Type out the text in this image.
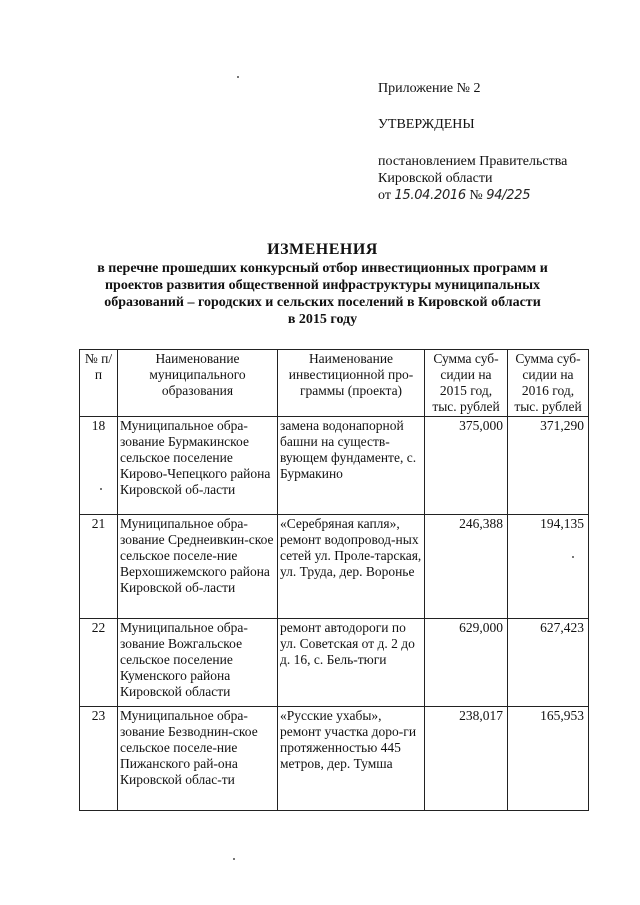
Приложение № 2
УТВЕРЖДЕНЫ
постановлением Правительства
Кировской области
от 15.04.2016 № 94/225
ИЗМЕНЕНИЯ
в перечне прошедших конкурсный отбор инвестиционных программ и
проектов развития общественной инфраструктуры муниципальных
образований – городских и сельских поселений в Кировской области
в 2015 году
№ п/п	Наименование муниципального образования	Наименование инвестиционной про-граммы (проекта)	Сумма суб-сидии на 2015 год, тыс. рублей	Сумма суб-сидии на 2016 год, тыс. рублей
18	Муниципальное обра-зование Бурмакинское сельское поселение Кирово-Чепецкого района Кировской об-ласти	замена водонапорной башни на существ-вующем фундаменте, с. Бурмакино	375,000	371,290
21	Муниципальное обра-зование Среднеивкин-ское сельское поселе-ние Верхошижемского района Кировской об-ласти	«Серебряная капля», ремонт водопровод-ных сетей ул. Проле-тарская, ул. Труда, дер. Воронье	246,388	194,135
22	Муниципальное обра-зование Вожгальское сельское поселение Куменского района Кировской области	ремонт автодороги по ул. Советская от д. 2 до д. 16, с. Бель-тюги	629,000	627,423
23	Муниципальное обра-зование Безводнин-ское сельское поселе-ние Пижанского рай-она Кировской облас-ти	«Русские ухабы», ремонт участка доро-ги протяженностью 445 метров, дер. Тумша	238,017	165,953
